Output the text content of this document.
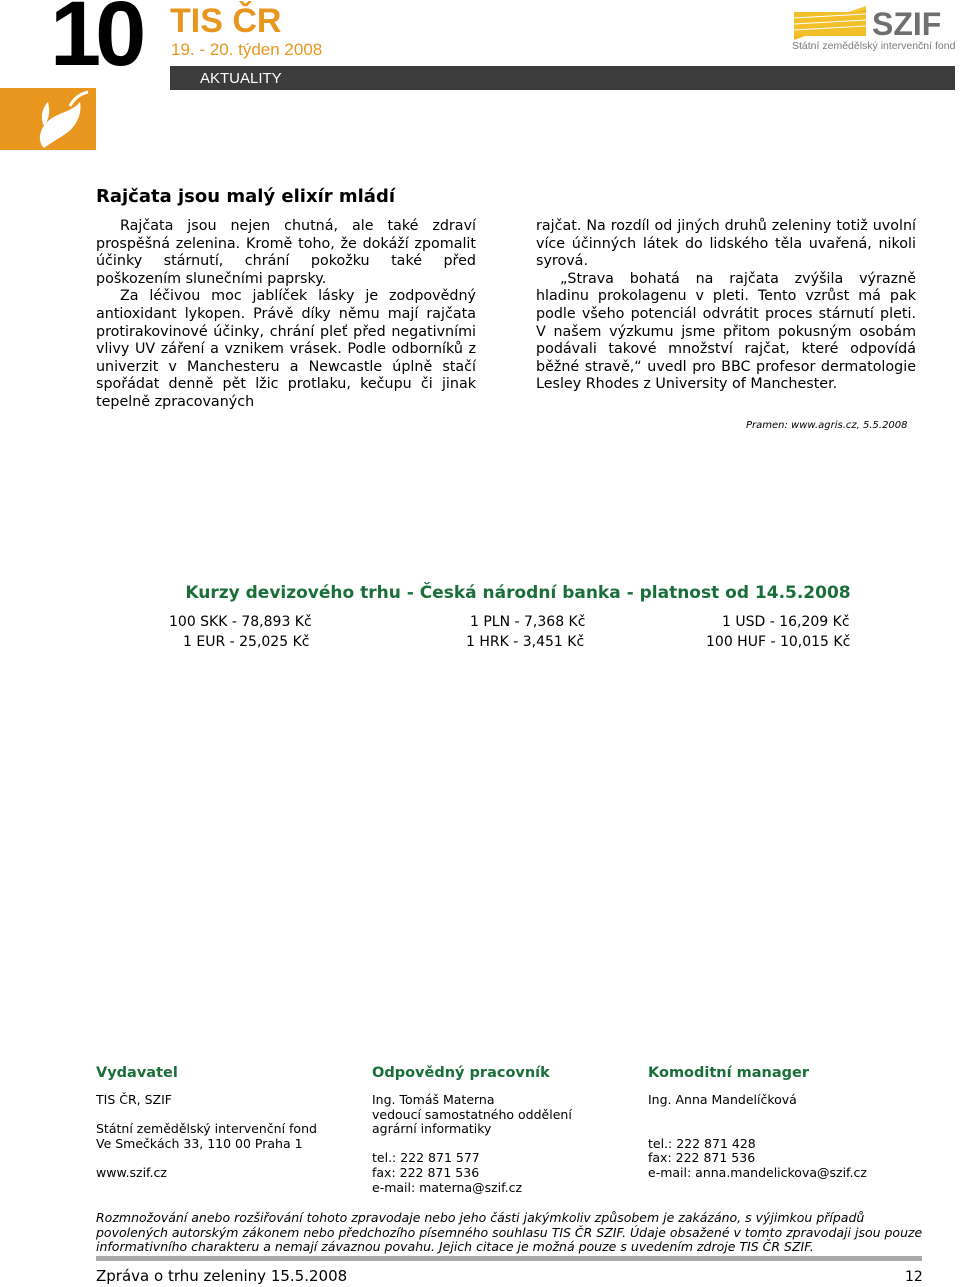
10 TIS ČR
19. - 20. týden 2008
SZIF
Státní zemědělský intervenční fond
AKTUALITY
Rajčata jsou malý elixír mládí

Rajčata jsou nejen chutná, ale také zdraví prospěšná zelenina. Kromě toho, že dokáží zpomalit účinky stárnutí, chrání pokožku také před poškozením slunečními paprsky.

Za léčivou moc jablíček lásky je zodpovědný antioxidant lykopen. Právě díky němu mají rajčata protirakovinové účinky, chrání pleť před negativními vlivy UV záření a vznikem vrásek. Podle odborníků z univerzit v Manchesteru a Newcastle úplně stačí spořádat denně pět lžic protlaku, kečupu či jinak tepelně zpracovaných

rajčat. Na rozdíl od jiných druhů zeleniny totiž uvolní více účinných látek do lidského těla uvařená, nikoli syrová.

„Strava bohatá na rajčata zvýšila výrazně hladinu prokolagenu v pleti. Tento vzrůst má pak podle všeho potenciál odvrátit proces stárnutí pleti. V našem výzkumu jsme přitom pokusným osobám podávali takové množství rajčat, které odpovídá běžné stravě,“ uvedl pro BBC profesor dermatologie Lesley Rhodes z University of Manchester.

Pramen: www.agris.cz, 5.5.2008
Kurzy devizového trhu - Česká národní banka - platnost od 14.5.2008
100 SKK - 78,893 Kč	1 PLN - 7,368 Kč	1 USD - 16,209 Kč
1 EUR - 25,025 Kč	1 HRK - 3,451 Kč	100 HUF - 10,015 Kč
Vydavatel
TIS ČR, SZIF
Státní zemědělský intervenční fond
Ve Smečkách 33, 110 00 Praha 1
www.szif.cz
Odpovědný pracovník
Ing. Tomáš Materna
vedoucí samostatného oddělení
agrární informatiky
tel.: 222 871 577
fax: 222 871 536
e-mail: materna@szif.cz
Komoditní manager
Ing. Anna Mandelíčková
tel.: 222 871 428
fax: 222 871 536
e-mail: anna.mandelickova@szif.cz
Rozmnožování anebo rozšiřování tohoto zpravodaje nebo jeho části jakýmkoliv způsobem je zakázáno, s výjimkou případů povolených autorským zákonem nebo předchozího písemného souhlasu TIS ČR SZIF. Údaje obsažené v tomto zpravodaji jsou pouze informativního charakteru a nemají závaznou povahu. Jejich citace je možná pouze s uvedením zdroje TIS ČR SZIF.
Zpráva o trhu zeleniny 15.5.2008	12
